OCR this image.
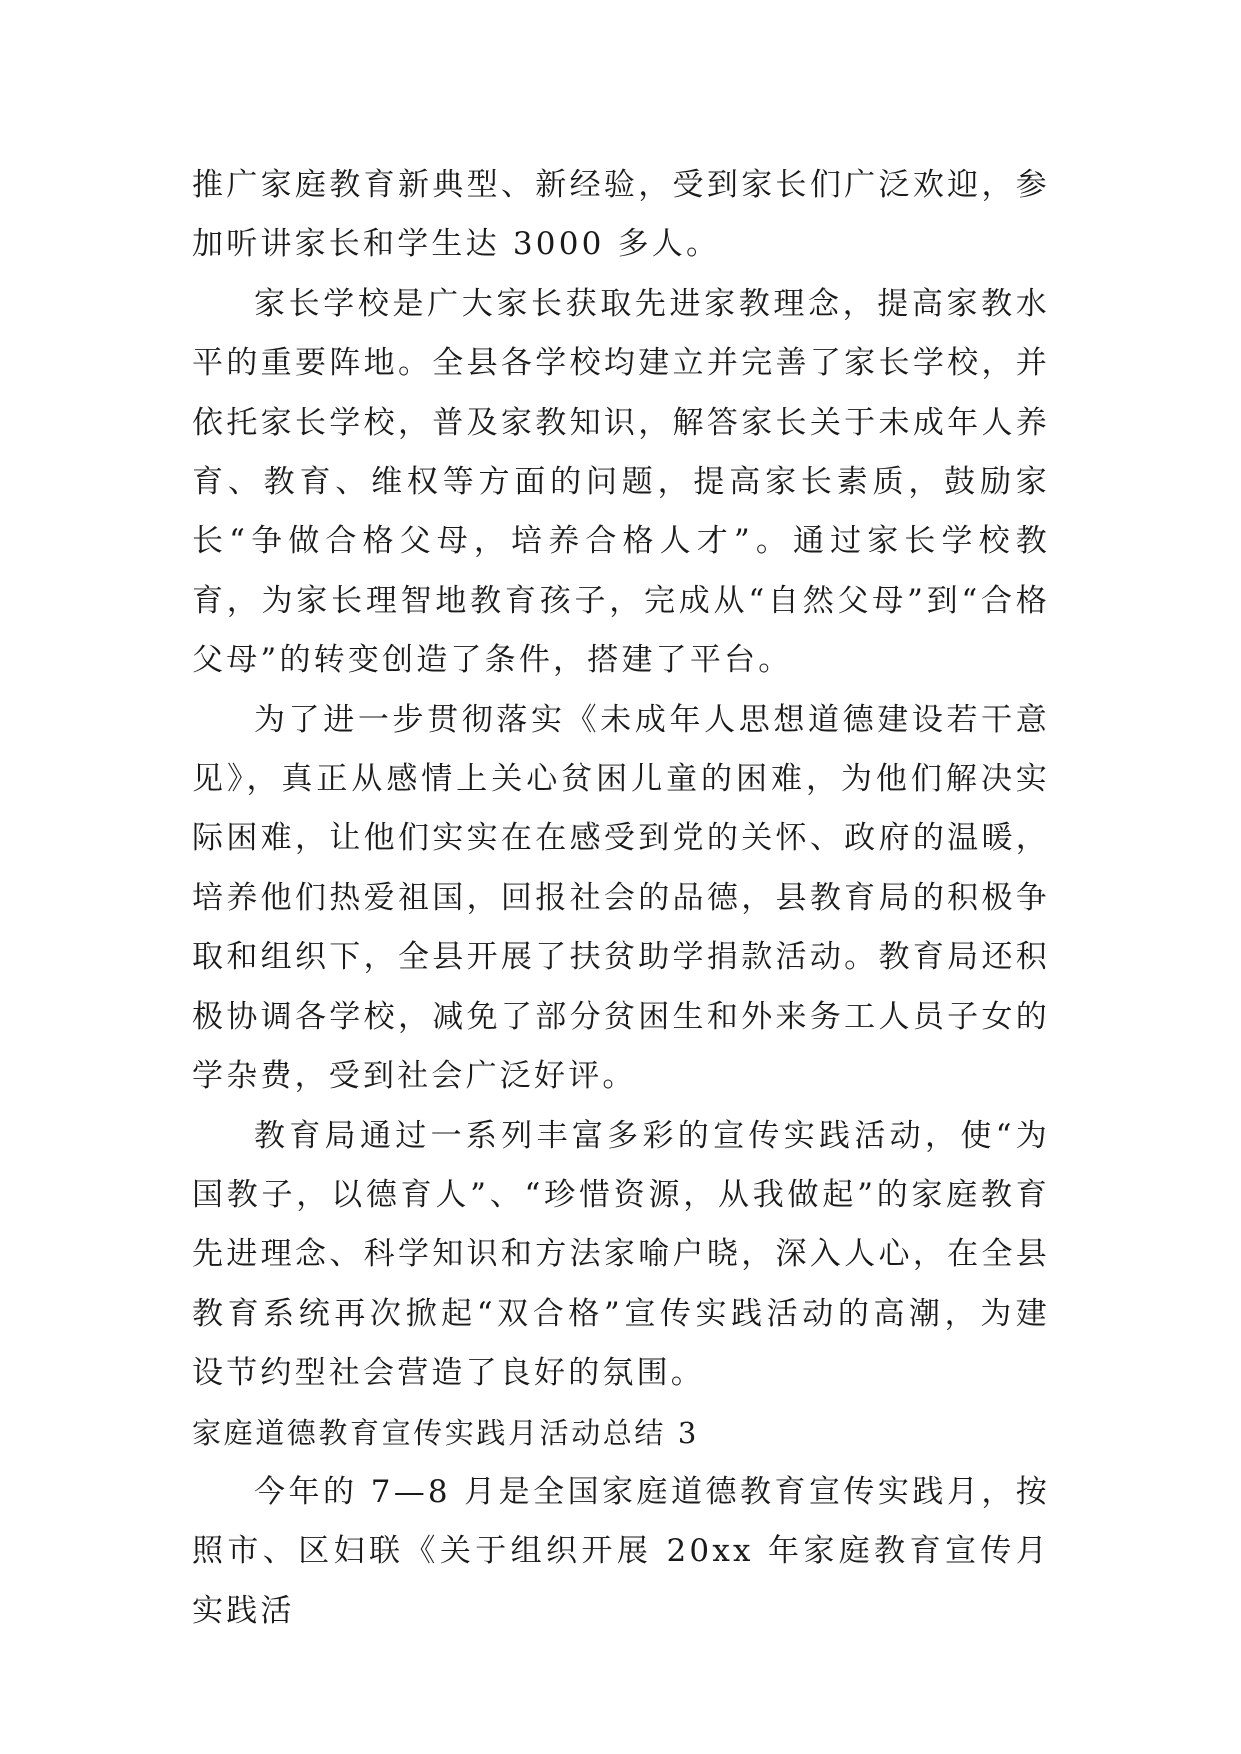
推广家庭教育新典型、新经验，受到家长们广泛欢迎，参加听讲家长和学生达 3000 多人。

家长学校是广大家长获取先进家教理念，提高家教水平的重要阵地。全县各学校均建立并完善了家长学校，并依托家长学校，普及家教知识，解答家长关于未成年人养育、教育、维权等方面的问题，提高家长素质，鼓励家长“争做合格父母，培养合格人才”。通过家长学校教育，为家长理智地教育孩子，完成从“自然父母”到“合格父母”的转变创造了条件，搭建了平台。

为了进一步贯彻落实《未成年人思想道德建设若干意见》，真正从感情上关心贫困儿童的困难，为他们解决实际困难，让他们实实在在感受到党的关怀、政府的温暖，培养他们热爱祖国，回报社会的品德，县教育局的积极争取和组织下，全县开展了扶贫助学捐款活动。教育局还积极协调各学校，减免了部分贫困生和外来务工人员子女的学杂费，受到社会广泛好评。

教育局通过一系列丰富多彩的宣传实践活动，使“为国教子，以德育人”、“珍惜资源，从我做起”的家庭教育先进理念、科学知识和方法家喻户晓，深入人心，在全县教育系统再次掀起“双合格”宣传实践活动的高潮，为建设节约型社会营造了良好的氛围。

家庭道德教育宣传实践月活动总结 3

今年的 7—8 月是全国家庭道德教育宣传实践月，按照市、区妇联《关于组织开展 20xx 年家庭教育宣传月实践活
